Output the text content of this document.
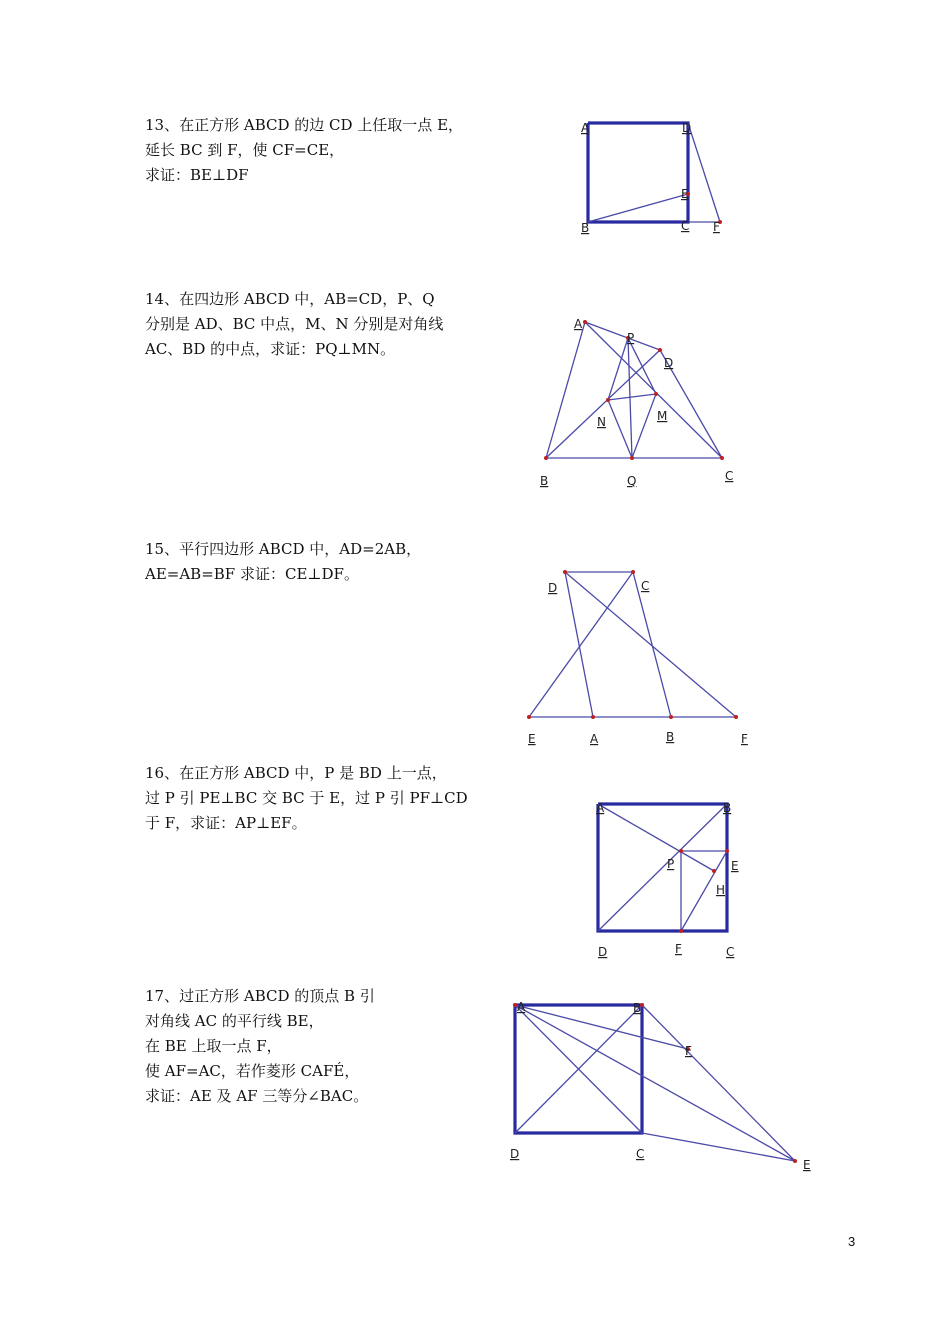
13、在正方形 ABCD 的边 CD 上任取一点 E，
延长 BC 到 F，使 CF=CE，
求证：BE⊥DF
A	D
E
B	C F
14、在四边形 ABCD 中，AB=CD，P、Q
分别是 AD、BC 中点，M、N 分别是对角线
AC、BD 的中点，求证：PQ⊥MN。
A
P
D
N	M
B	Q	C
15、平行四边形 ABCD 中，AD=2AB，
AE=AB=BF 求证：CE⊥DF。
D	C
E	A	B	F
16、在正方形 ABCD 中，P 是 BD 上一点，
过 P 引 PE⊥BC 交 BC 于 E，过 P 引 PF⊥CD
于 F，求证：AP⊥EF。
A	B
P	E
H
D	F	C
17、过正方形 ABCD 的顶点 B 引
对角线 AC 的平行线 BE，
在 BE 上取一点 F，
使 AF=AC，若作菱形 CAFÉ，
求证：AE 及 AF 三等分∠BAC。
A	B
F
D	C
E
3
